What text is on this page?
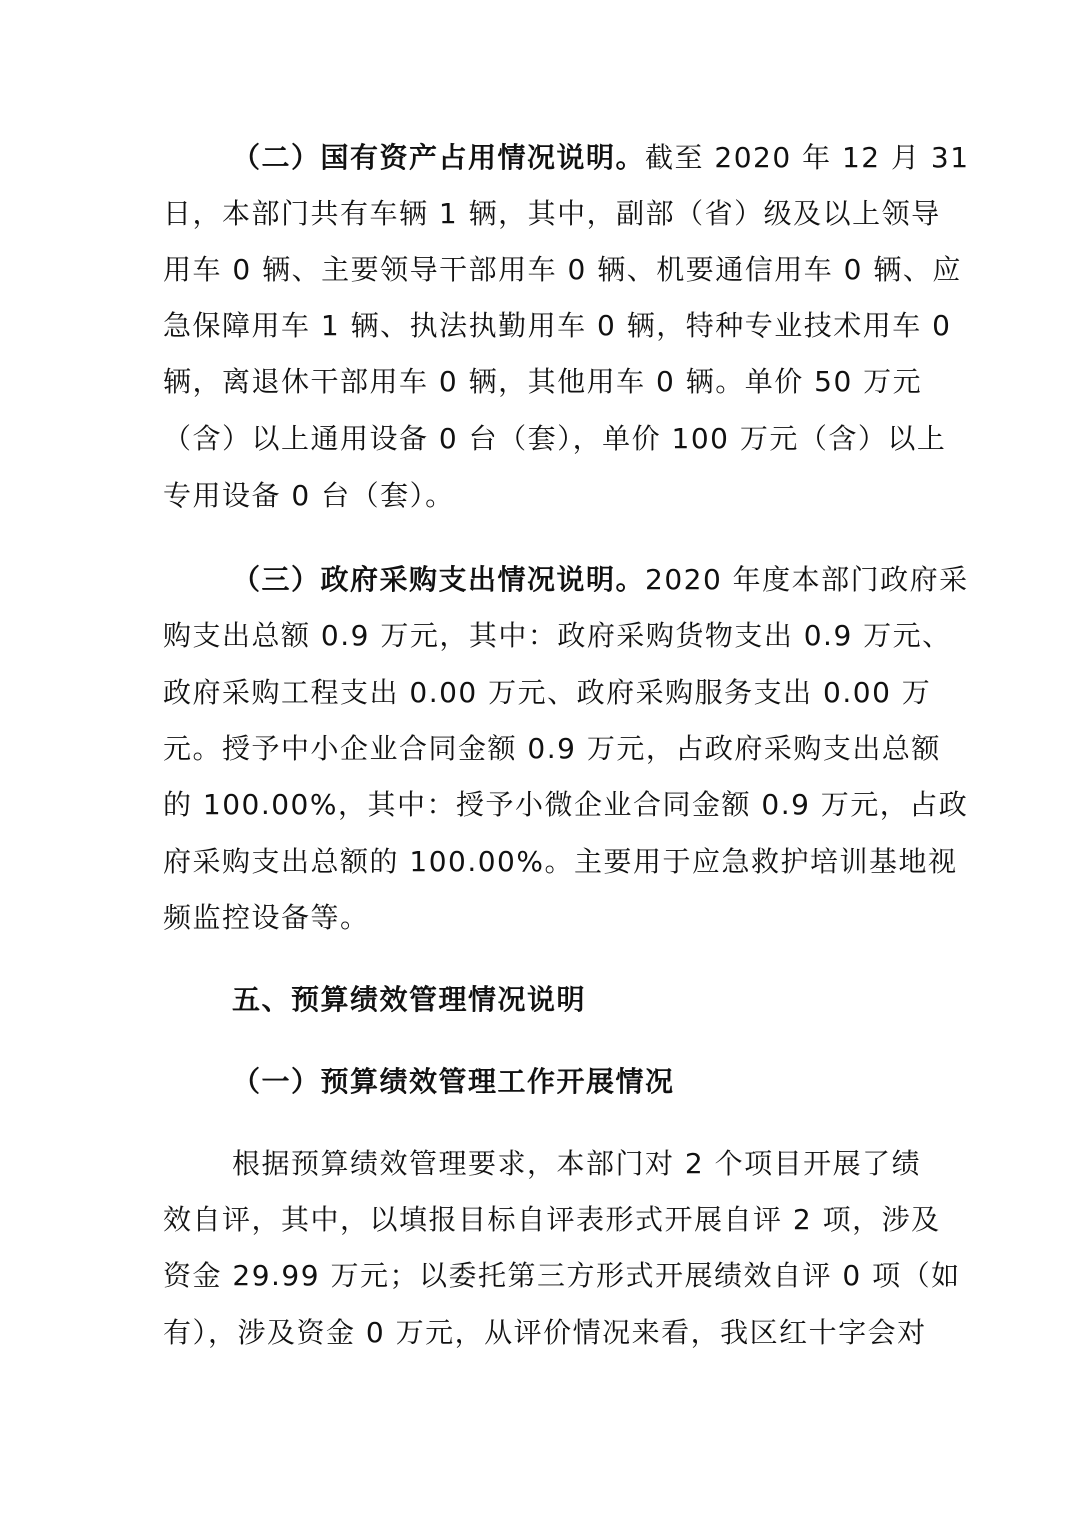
（二）国有资产占用情况说明。截至 2020 年 12 月 31
日，本部门共有车辆 1 辆，其中，副部（省）级及以上领导
用车 0 辆、主要领导干部用车 0 辆、机要通信用车 0 辆、应
急保障用车 1 辆、执法执勤用车 0 辆，特种专业技术用车 0
辆，离退休干部用车 0 辆，其他用车 0 辆。单价 50 万元
（含）以上通用设备 0 台（套），单价 100 万元（含）以上
专用设备 0 台（套）。
（三）政府采购支出情况说明。2020 年度本部门政府采
购支出总额 0.9 万元，其中：政府采购货物支出 0.9 万元、
政府采购工程支出 0.00 万元、政府采购服务支出 0.00 万
元。授予中小企业合同金额 0.9 万元，占政府采购支出总额
的 100.00%，其中：授予小微企业合同金额 0.9 万元，占政
府采购支出总额的 100.00%。主要用于应急救护培训基地视
频监控设备等。
五、预算绩效管理情况说明
（一）预算绩效管理工作开展情况
根据预算绩效管理要求，本部门对 2 个项目开展了绩
效自评，其中，以填报目标自评表形式开展自评 2 项，涉及
资金 29.99 万元；以委托第三方形式开展绩效自评 0 项（如
有），涉及资金 0 万元，从评价情况来看，我区红十字会对
